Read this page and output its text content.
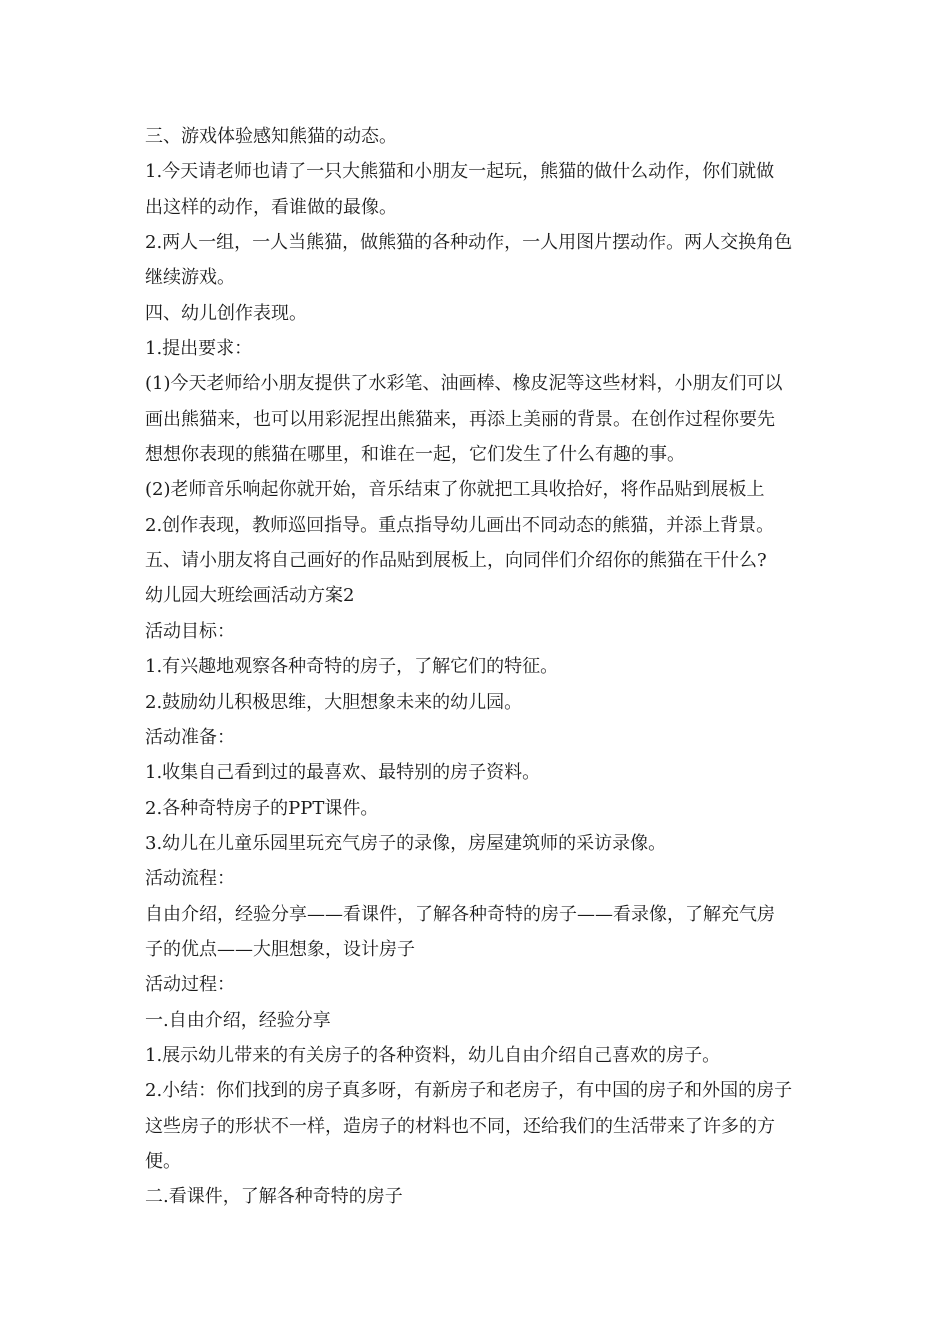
三、游戏体验感知熊猫的动态。
1.今天请老师也请了一只大熊猫和小朋友一起玩，熊猫的做什么动作，你们就做
出这样的动作，看谁做的最像。
2.两人一组，一人当熊猫，做熊猫的各种动作，一人用图片摆动作。两人交换角色
继续游戏。
四、幼儿创作表现。
1.提出要求：
(1)今天老师给小朋友提供了水彩笔、油画棒、橡皮泥等这些材料，小朋友们可以
画出熊猫来，也可以用彩泥捏出熊猫来，再添上美丽的背景。在创作过程你要先
想想你表现的熊猫在哪里，和谁在一起，它们发生了什么有趣的事。
(2)老师音乐响起你就开始，音乐结束了你就把工具收拾好，将作品贴到展板上
2.创作表现，教师巡回指导。重点指导幼儿画出不同动态的熊猫，并添上背景。
五、请小朋友将自己画好的作品贴到展板上，向同伴们介绍你的熊猫在干什么?
幼儿园大班绘画活动方案2
活动目标：
1.有兴趣地观察各种奇特的房子，了解它们的特征。
2.鼓励幼儿积极思维，大胆想象未来的幼儿园。
活动准备：
1.收集自己看到过的最喜欢、最特别的房子资料。
2.各种奇特房子的PPT课件。
3.幼儿在儿童乐园里玩充气房子的录像，房屋建筑师的采访录像。
活动流程：
自由介绍，经验分享——看课件，了解各种奇特的房子——看录像，了解充气房
子的优点——大胆想象，设计房子
活动过程：
一.自由介绍，经验分享
1.展示幼儿带来的有关房子的各种资料，幼儿自由介绍自己喜欢的房子。
2.小结：你们找到的房子真多呀，有新房子和老房子，有中国的房子和外国的房子
这些房子的形状不一样，造房子的材料也不同，还给我们的生活带来了许多的方
便。
二.看课件，了解各种奇特的房子
